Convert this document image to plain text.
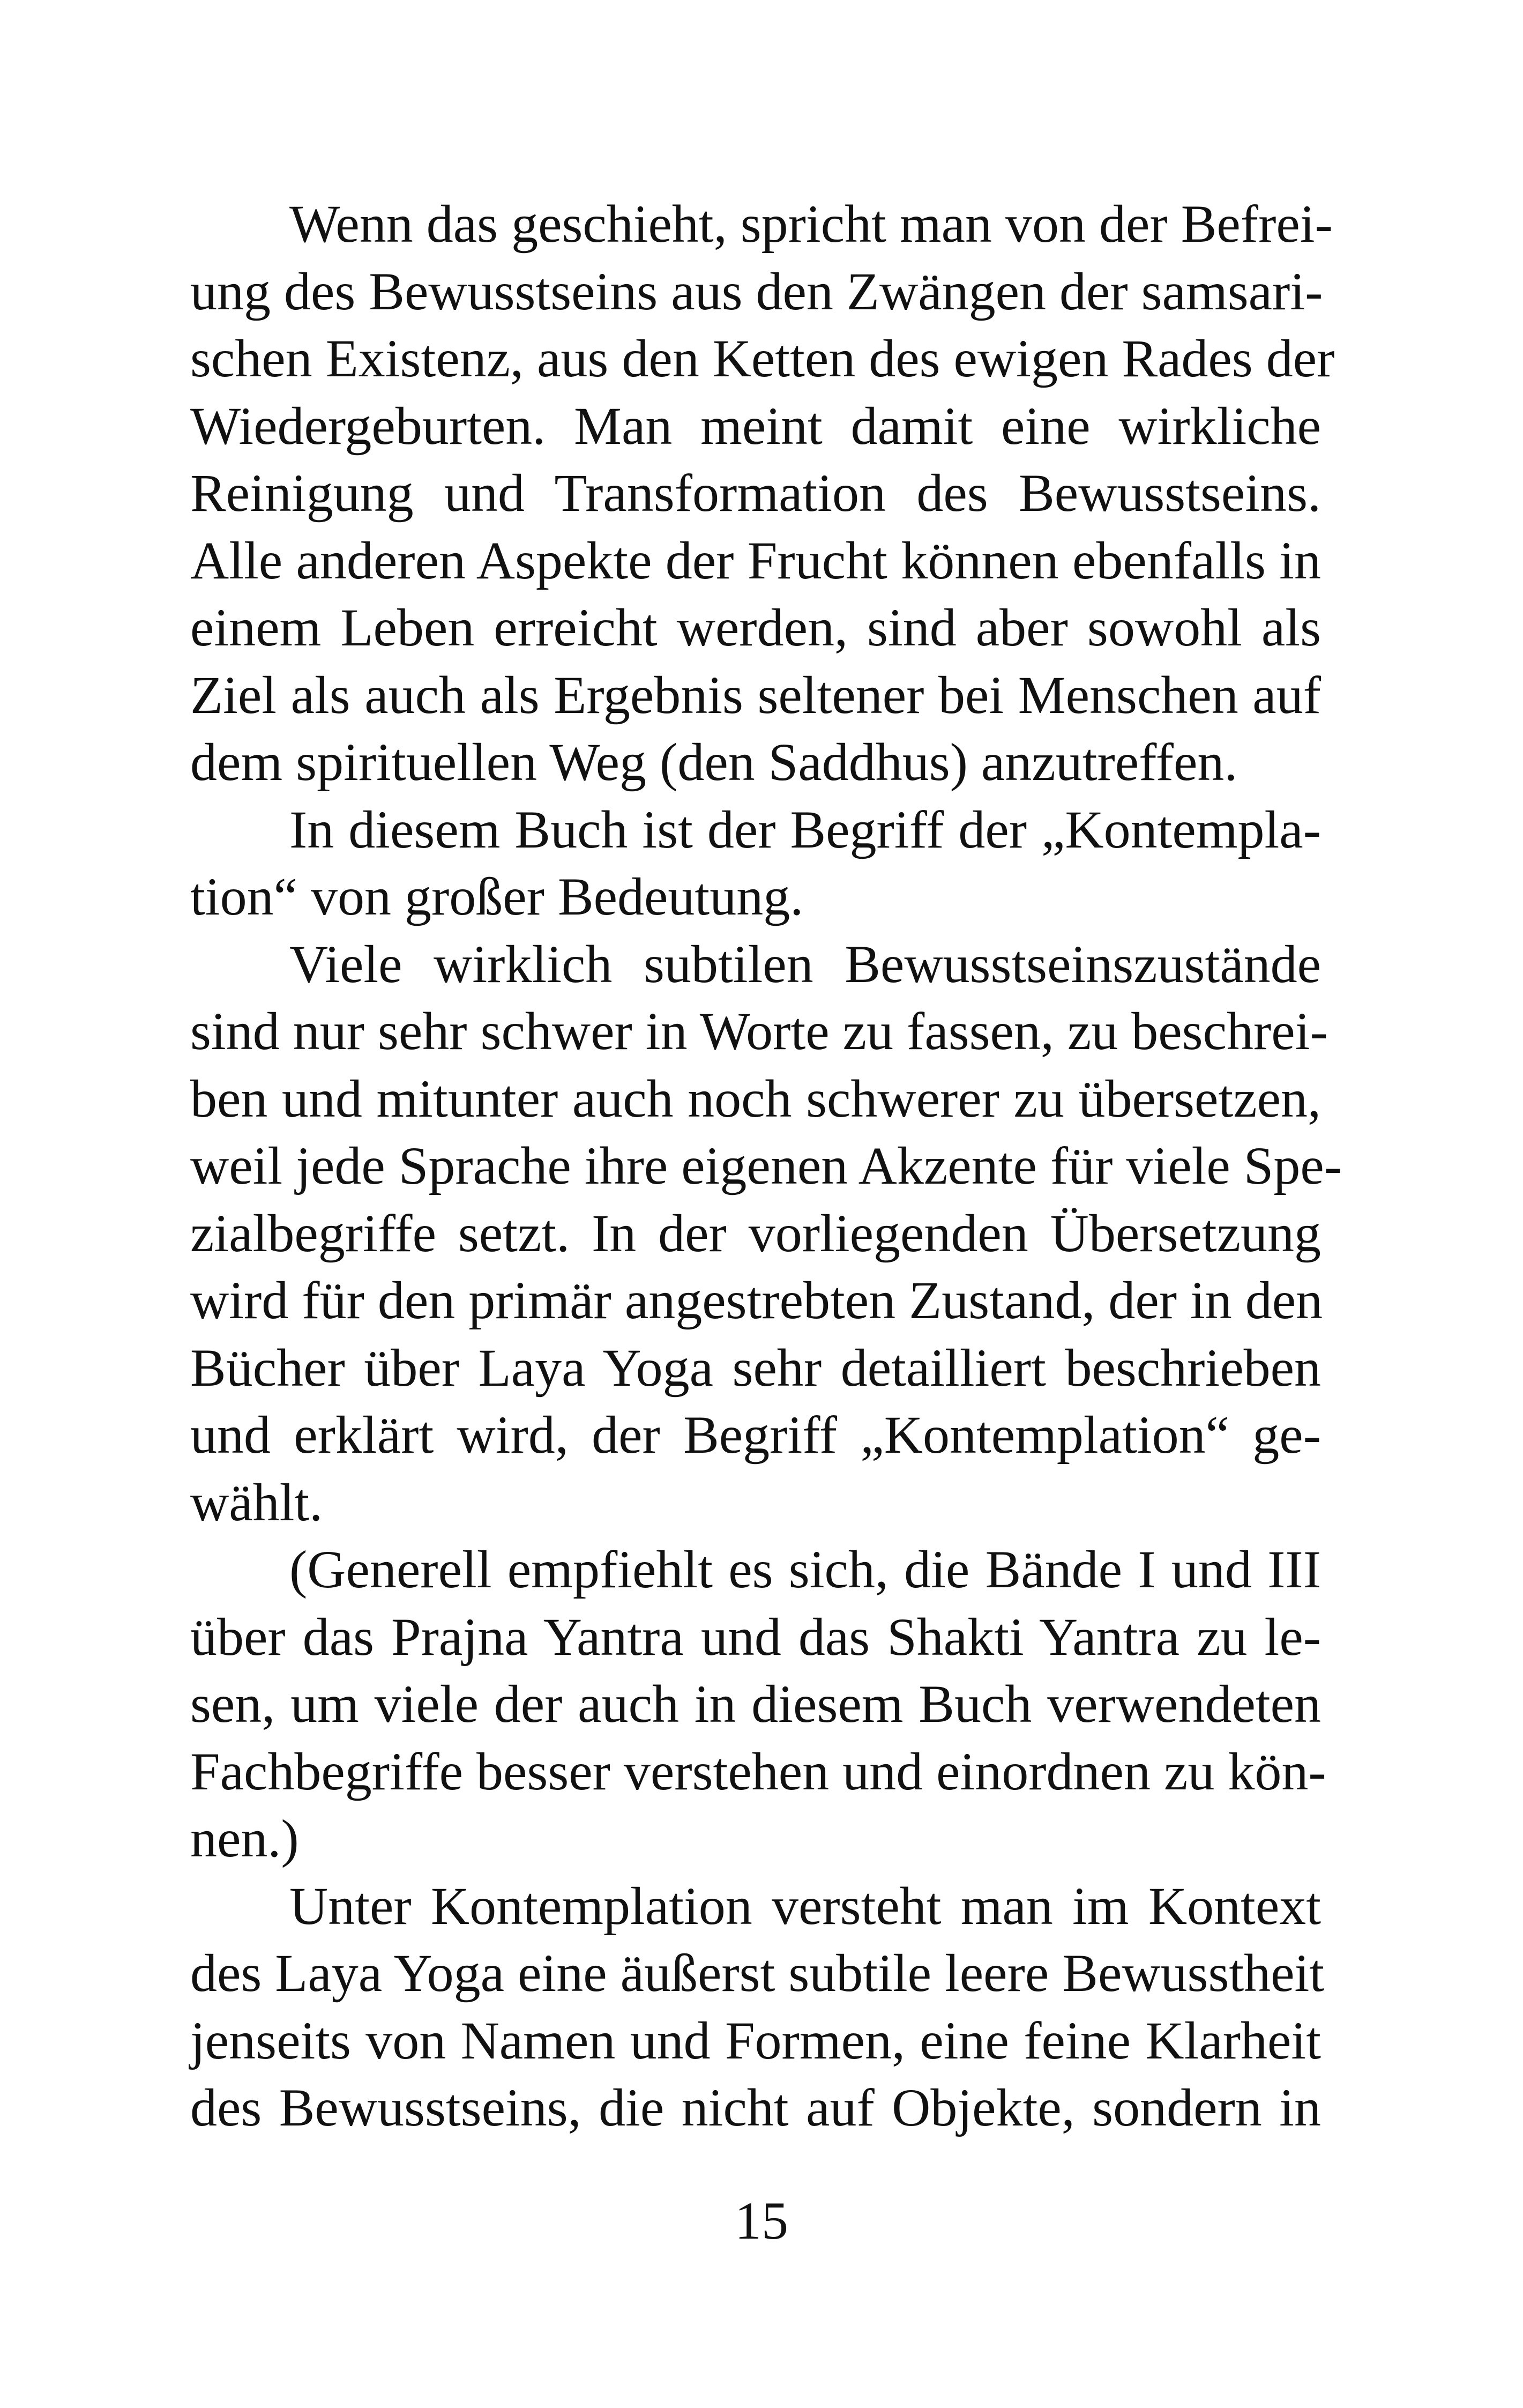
Wenn das geschieht, spricht man von der Befrei-
ung des Bewusstseins aus den Zwängen der samsari-
schen Existenz, aus den Ketten des ewigen Rades der
Wiedergeburten. Man meint damit eine wirkliche
Reinigung und Transformation des Bewusstseins.
Alle anderen Aspekte der Frucht können ebenfalls in
einem Leben erreicht werden, sind aber sowohl als
Ziel als auch als Ergebnis seltener bei Menschen auf
dem spirituellen Weg (den Saddhus) anzutreffen.

In diesem Buch ist der Begriff der „Kontempla-
tion“ von großer Bedeutung.

Viele wirklich subtilen Bewusstseinszustände
sind nur sehr schwer in Worte zu fassen, zu beschrei-
ben und mitunter auch noch schwerer zu übersetzen,
weil jede Sprache ihre eigenen Akzente für viele Spe-
zialbegriffe setzt. In der vorliegenden Übersetzung
wird für den primär angestrebten Zustand, der in den
Bücher über Laya Yoga sehr detailliert beschrieben
und erklärt wird, der Begriff „Kontemplation“ ge-
wählt.

(Generell empfiehlt es sich, die Bände I und III
über das Prajna Yantra und das Shakti Yantra zu le-
sen, um viele der auch in diesem Buch verwendeten
Fachbegriffe besser verstehen und einordnen zu kön-
nen.)

Unter Kontemplation versteht man im Kontext
des Laya Yoga eine äußerst subtile leere Bewusstheit
jenseits von Namen und Formen, eine feine Klarheit
des Bewusstseins, die nicht auf Objekte, sondern in

15
